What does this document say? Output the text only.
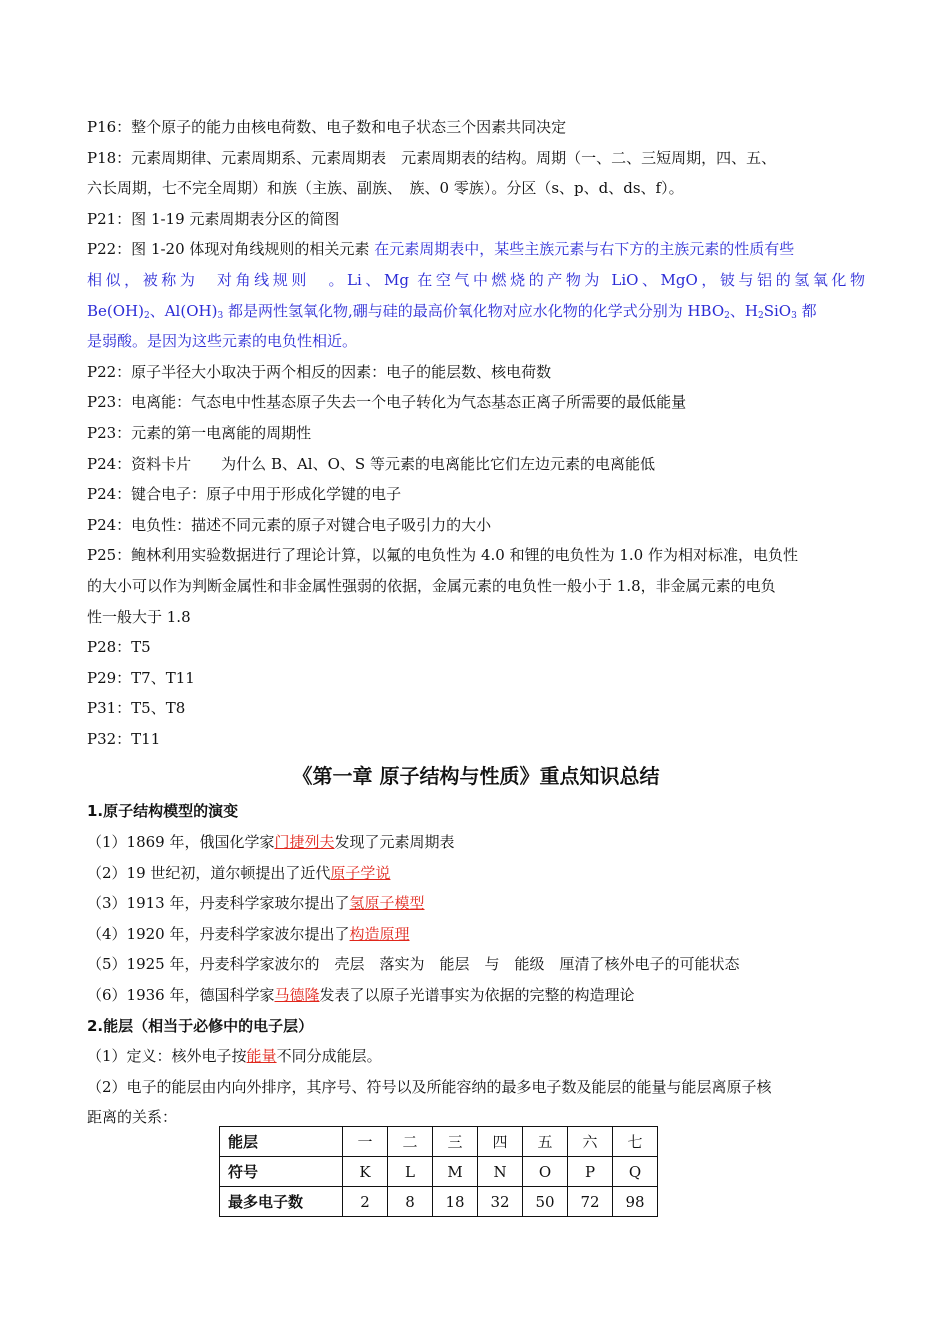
P16：整个原子的能力由核电荷数、电子数和电子状态三个因素共同决定
P18：元素周期律、元素周期系、元素周期表　元素周期表的结构。周期（一、二、三短周期，四、五、
六长周期，七不完全周期）和族（主族、副族、　族、0 零族）。分区（s、p、d、ds、f）。
P21：图 1-19 元素周期表分区的简图
P22：图 1-20 体现对角线规则的相关元素 在元素周期表中，某些主族元素与右下方的主族元素的性质有些
相似，被称为　对角线规则　。Li、Mg 在空气中燃烧的产物为 LiO、MgO，铍与铝的氢氧化物
$Be(OH)_2$、$Al(OH)_3$ 都是两性氢氧化物,硼与硅的最高价氧化物对应水化物的化学式分别为 $HBO_2$、$H_2SiO_3$ 都
是弱酸。是因为这些元素的电负性相近。
P22：原子半径大小取决于两个相反的因素：电子的能层数、核电荷数
P23：电离能：气态电中性基态原子失去一个电子转化为气态基态正离子所需要的最低能量
P23：元素的第一电离能的周期性
P24：资料卡片　　为什么 B、Al、O、S 等元素的电离能比它们左边元素的电离能低
P24：键合电子：原子中用于形成化学键的电子
P24：电负性：描述不同元素的原子对键合电子吸引力的大小
P25：鲍林利用实验数据进行了理论计算，以氟的电负性为 4.0 和锂的电负性为 1.0 作为相对标准，电负性
的大小可以作为判断金属性和非金属性强弱的依据，金属元素的电负性一般小于 1.8，非金属元素的电负
性一般大于 1.8
P28：T5
P29：T7、T11
P31：T5、T8
P32：T11
《第一章 原子结构与性质》重点知识总结
1.原子结构模型的演变
（1）1869 年，俄国化学家门捷列夫发现了元素周期表
（2）19 世纪初，道尔顿提出了近代原子学说
（3）1913 年，丹麦科学家玻尔提出了氢原子模型
（4）1920 年，丹麦科学家波尔提出了构造原理
（5）1925 年，丹麦科学家波尔的　壳层　落实为　能层　与　能级　厘清了核外电子的可能状态
（6）1936 年，德国科学家马德隆发表了以原子光谱事实为依据的完整的构造理论
2.能层（相当于必修中的电子层）
（1）定义：核外电子按能量不同分成能层。
（2）电子的能层由内向外排序，其序号、符号以及所能容纳的最多电子数及能层的能量与能层离原子核
距离的关系：
能层	一	二	三	四	五	六	七
符号	K	L	M	N	O	P	Q
最多电子数	2	8	18	32	50	72	98
